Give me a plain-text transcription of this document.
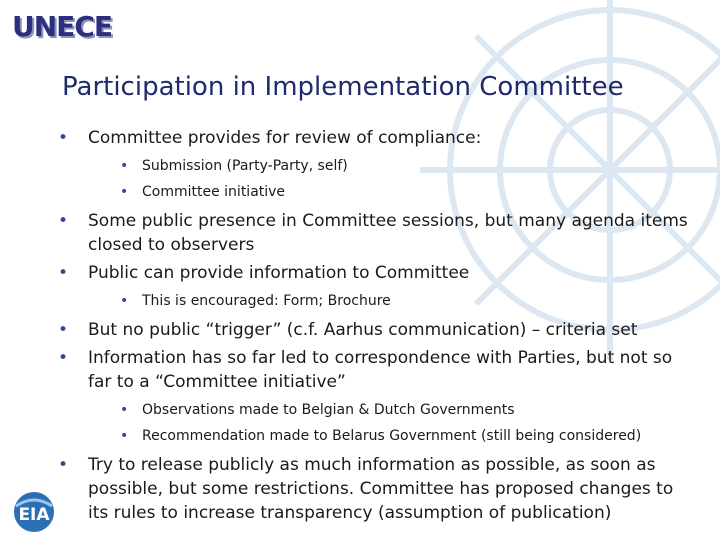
UNECE
Participation in Implementation Committee
• Committee provides for review of compliance:
• Submission (Party-Party, self)
• Committee initiative
• Some public presence in Committee sessions, but many agenda items closed to observers
• Public can provide information to Committee
• This is encouraged: Form; Brochure
• But no public “trigger” (c.f. Aarhus communication) – criteria set
• Information has so far led to correspondence with Parties, but not so far to a “Committee initiative”
• Observations made to Belgian & Dutch Governments
• Recommendation made to Belarus Government (still being considered)
• Try to release publicly as much information as possible, as soon as possible, but some restrictions. Committee has proposed changes to its rules to increase transparency (assumption of publication)
EIA
